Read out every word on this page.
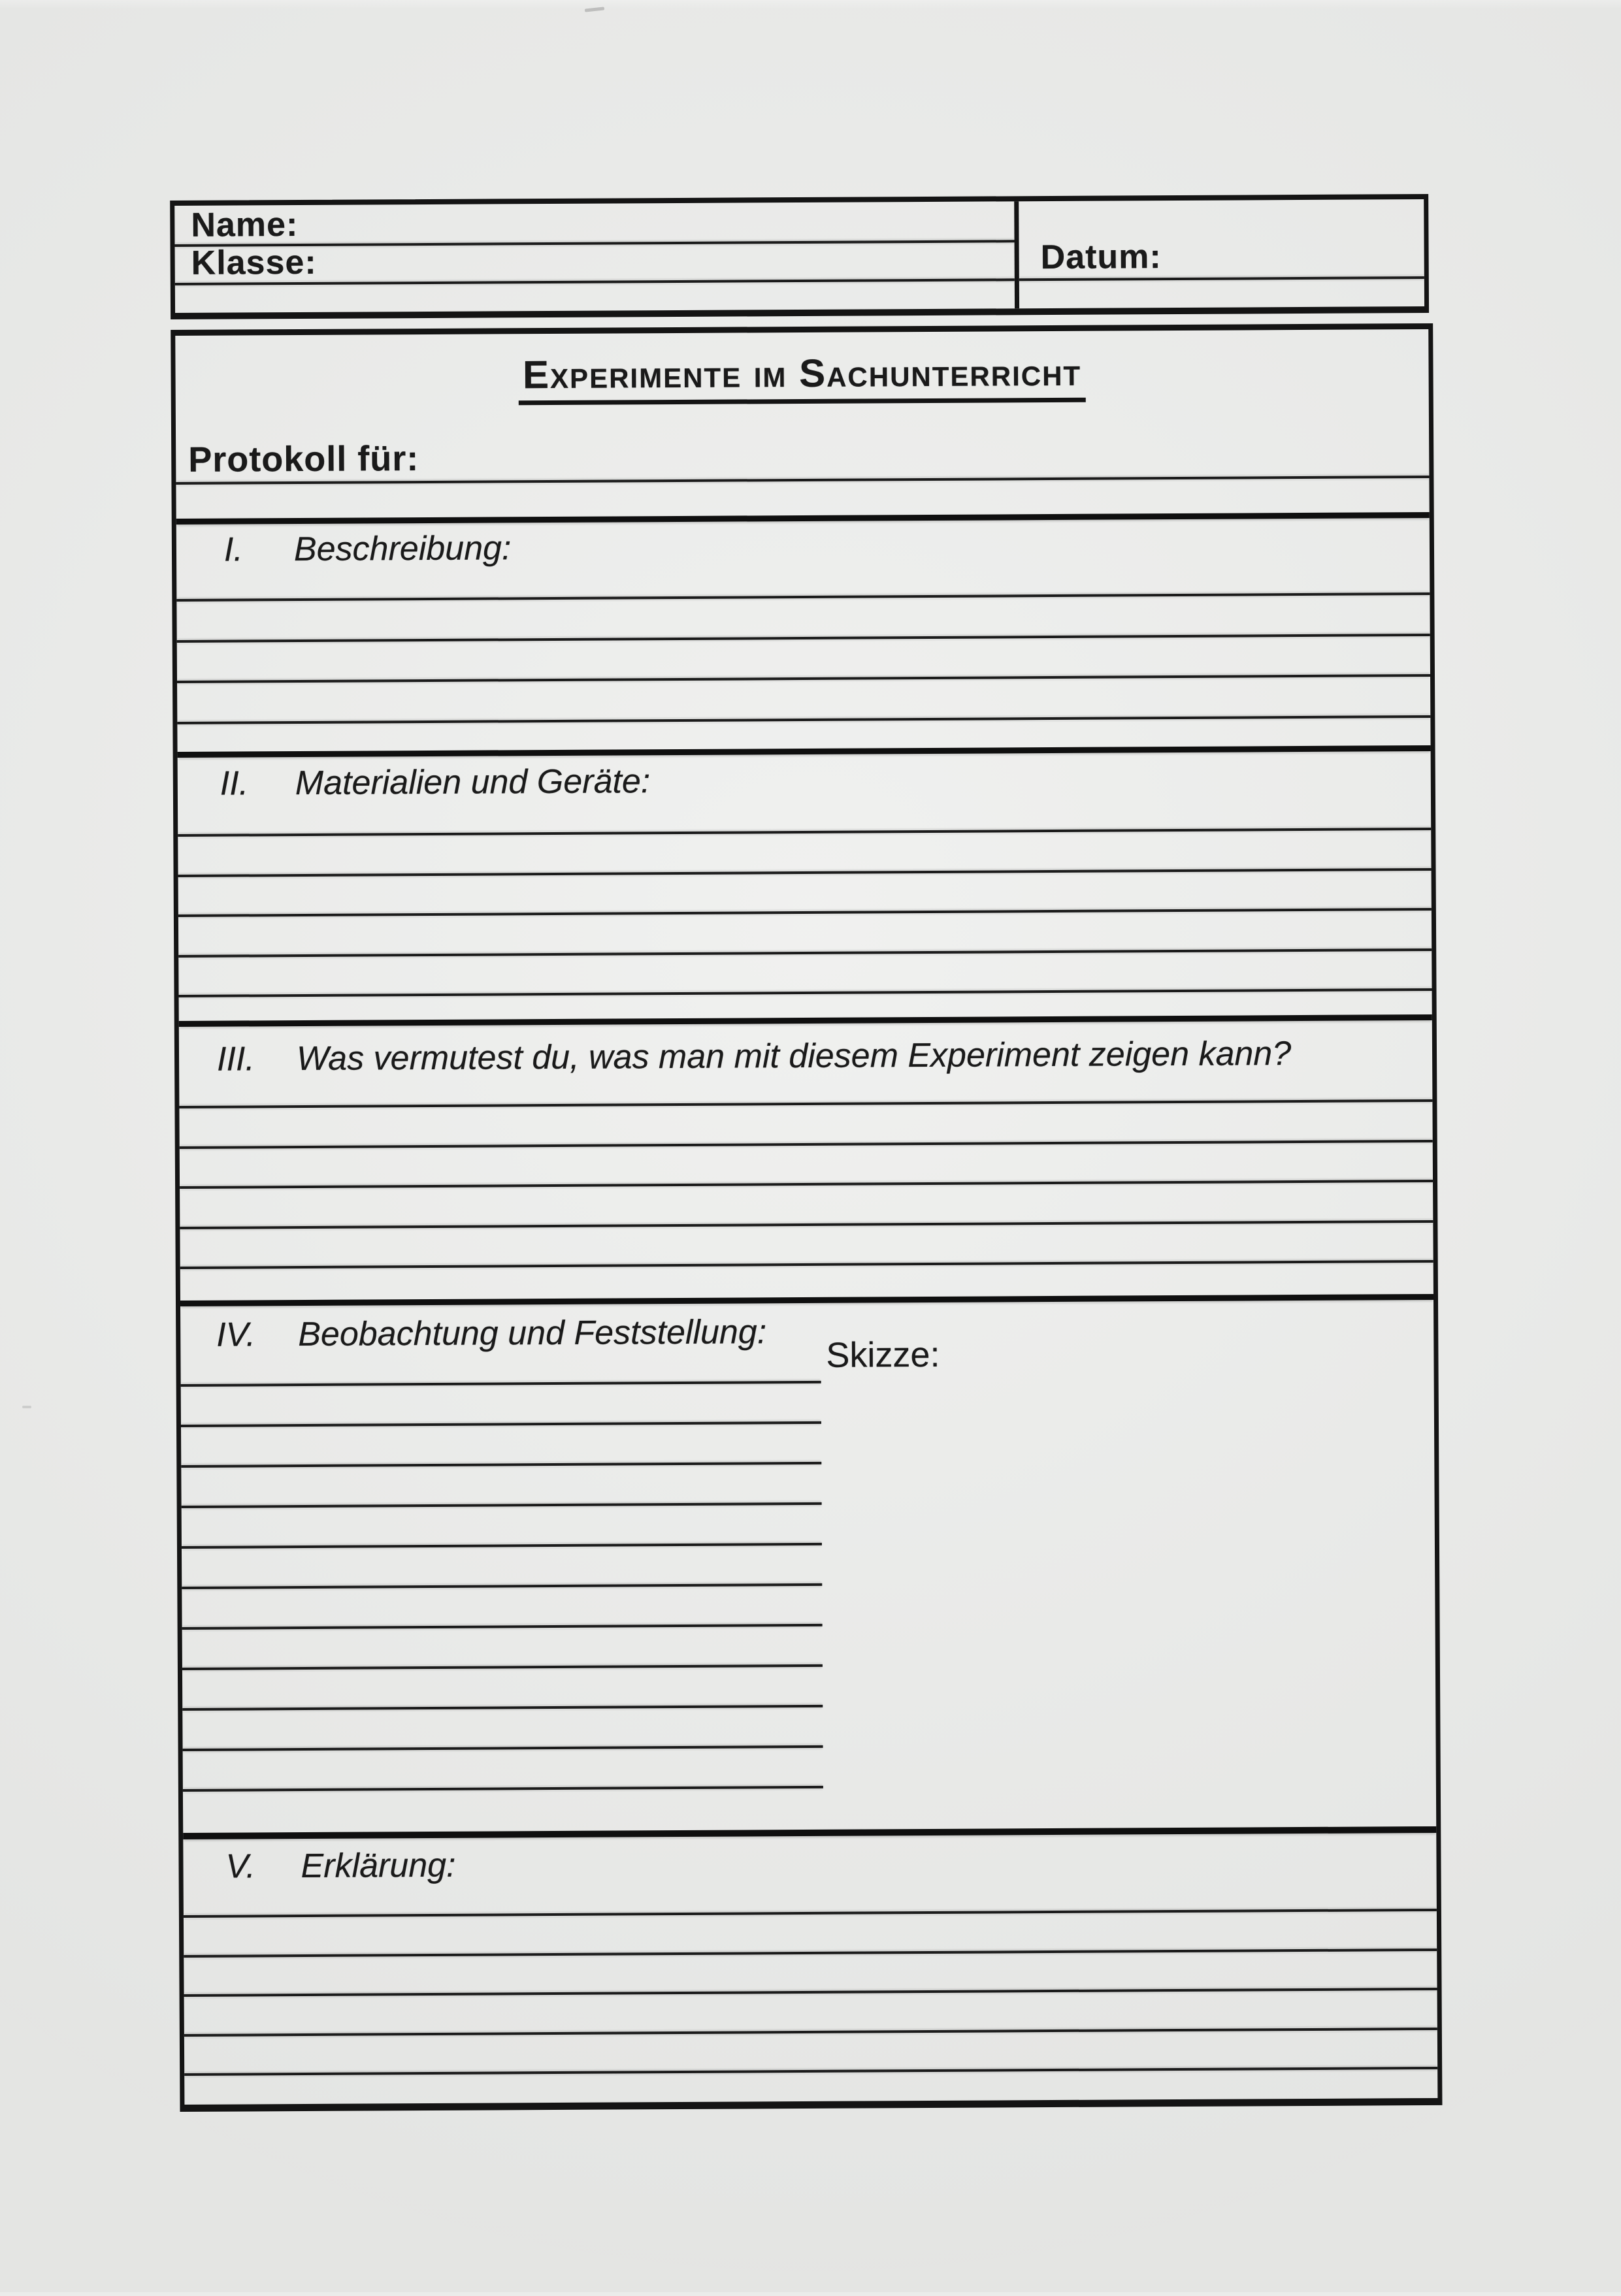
Name:
Klasse:	Datum:
Experimente im Sachunterricht
Protokoll für:
I. Beschreibung:
II. Materialien und Geräte:
III. Was vermutest du, was man mit diesem Experiment zeigen kann?
IV. Beobachtung und Feststellung:
Skizze:
V. Erklärung:
